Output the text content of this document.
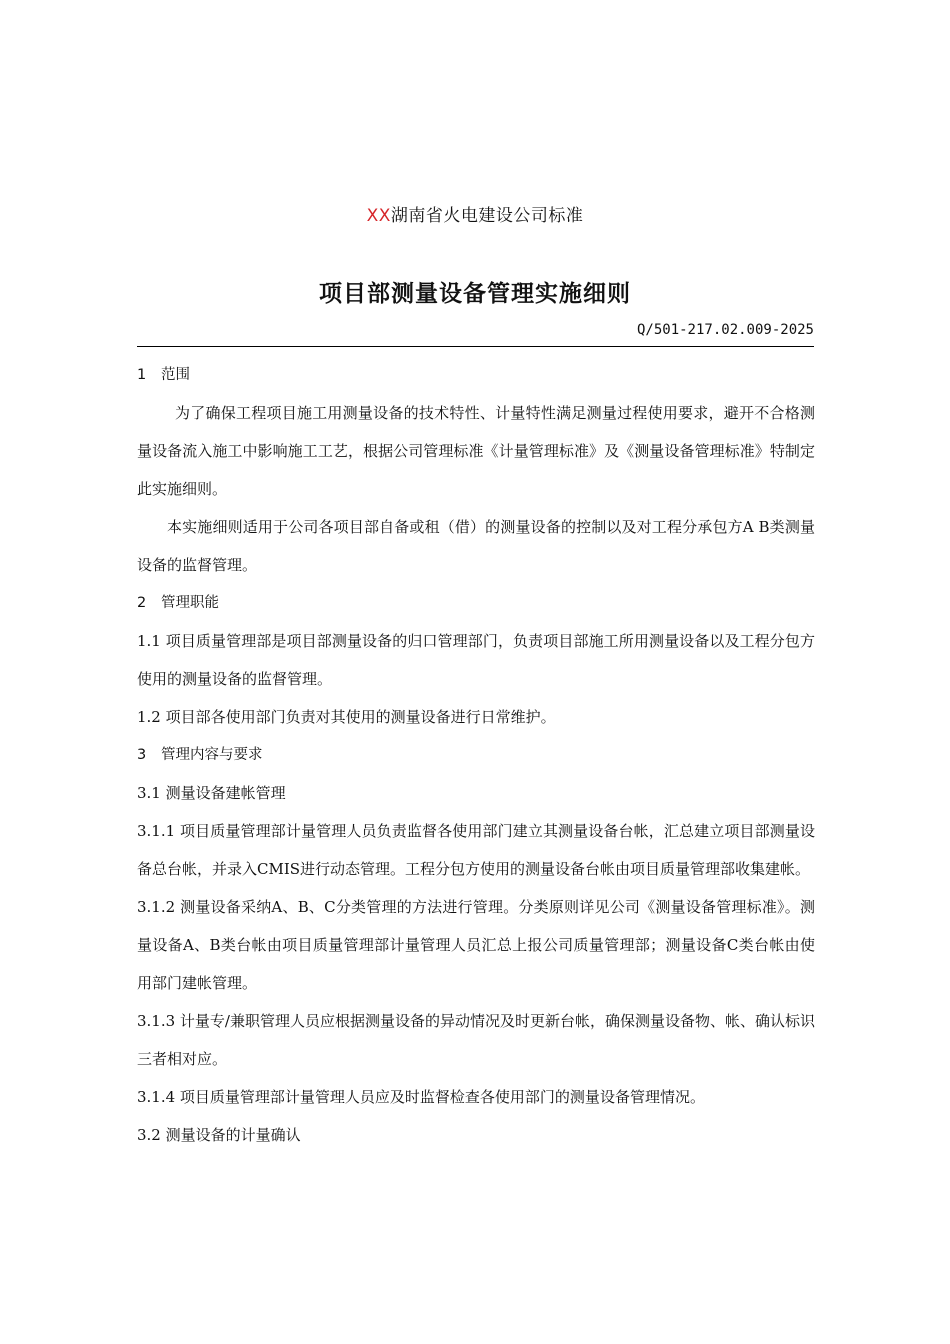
XX湖南省火电建设公司标准
项目部测量设备管理实施细则
Q/501-217.02.009-2025
1 范围

为了确保工程项目施工用测量设备的技术特性、计量特性满足测量过程使用要求，避开不合格测量设备流入施工中影响施工工艺，根据公司管理标准《计量管理标准》及《测量设备管理标准》特制定此实施细则。

本实施细则适用于公司各项目部自备或租（借）的测量设备的控制以及对工程分承包方A B类测量设备的监督管理。

2 管理职能

1.1 项目质量管理部是项目部测量设备的归口管理部门，负责项目部施工所用测量设备以及工程分包方使用的测量设备的监督管理。

1.2 项目部各使用部门负责对其使用的测量设备进行日常维护。

3 管理内容与要求

3.1 测量设备建帐管理

3.1.1 项目质量管理部计量管理人员负责监督各使用部门建立其测量设备台帐，汇总建立项目部测量设备总台帐，并录入CMIS进行动态管理。工程分包方使用的测量设备台帐由项目质量管理部收集建帐。

3.1.2 测量设备采纳A、B、C分类管理的方法进行管理。分类原则详见公司《测量设备管理标准》。测量设备A、B类台帐由项目质量管理部计量管理人员汇总上报公司质量管理部；测量设备C类台帐由使用部门建帐管理。

3.1.3 计量专/兼职管理人员应根据测量设备的异动情况及时更新台帐，确保测量设备物、帐、确认标识三者相对应。

3.1.4 项目质量管理部计量管理人员应及时监督检查各使用部门的测量设备管理情况。

3.2 测量设备的计量确认
